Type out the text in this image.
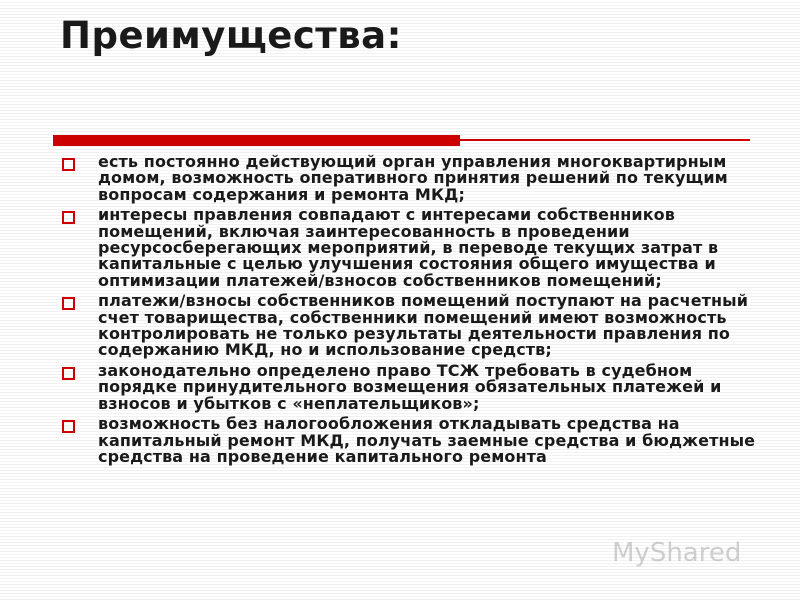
Преимущества:
есть постоянно действующий орган управления многоквартирным домом, возможность оперативного принятия решений по текущим вопросам содержания и ремонта МКД;
интересы правления совпадают с интересами собственников помещений, включая заинтересованность в проведении ресурсосберегающих мероприятий, в переводе текущих затрат в капитальные с целью улучшения состояния общего имущества и оптимизации платежей/взносов собственников помещений;
платежи/взносы собственников помещений поступают на расчетный счет товарищества, собственники помещений имеют возможность контролировать не только результаты деятельности правления по содержанию МКД, но и использование средств;
законодательно определено право ТСЖ требовать в судебном порядке принудительного возмещения обязательных платежей и взносов и убытков с «неплательщиков»;
возможность без налогообложения откладывать средства на капитальный ремонт МКД, получать заемные средства и бюджетные средства на проведение капитального ремонта
MyShared
